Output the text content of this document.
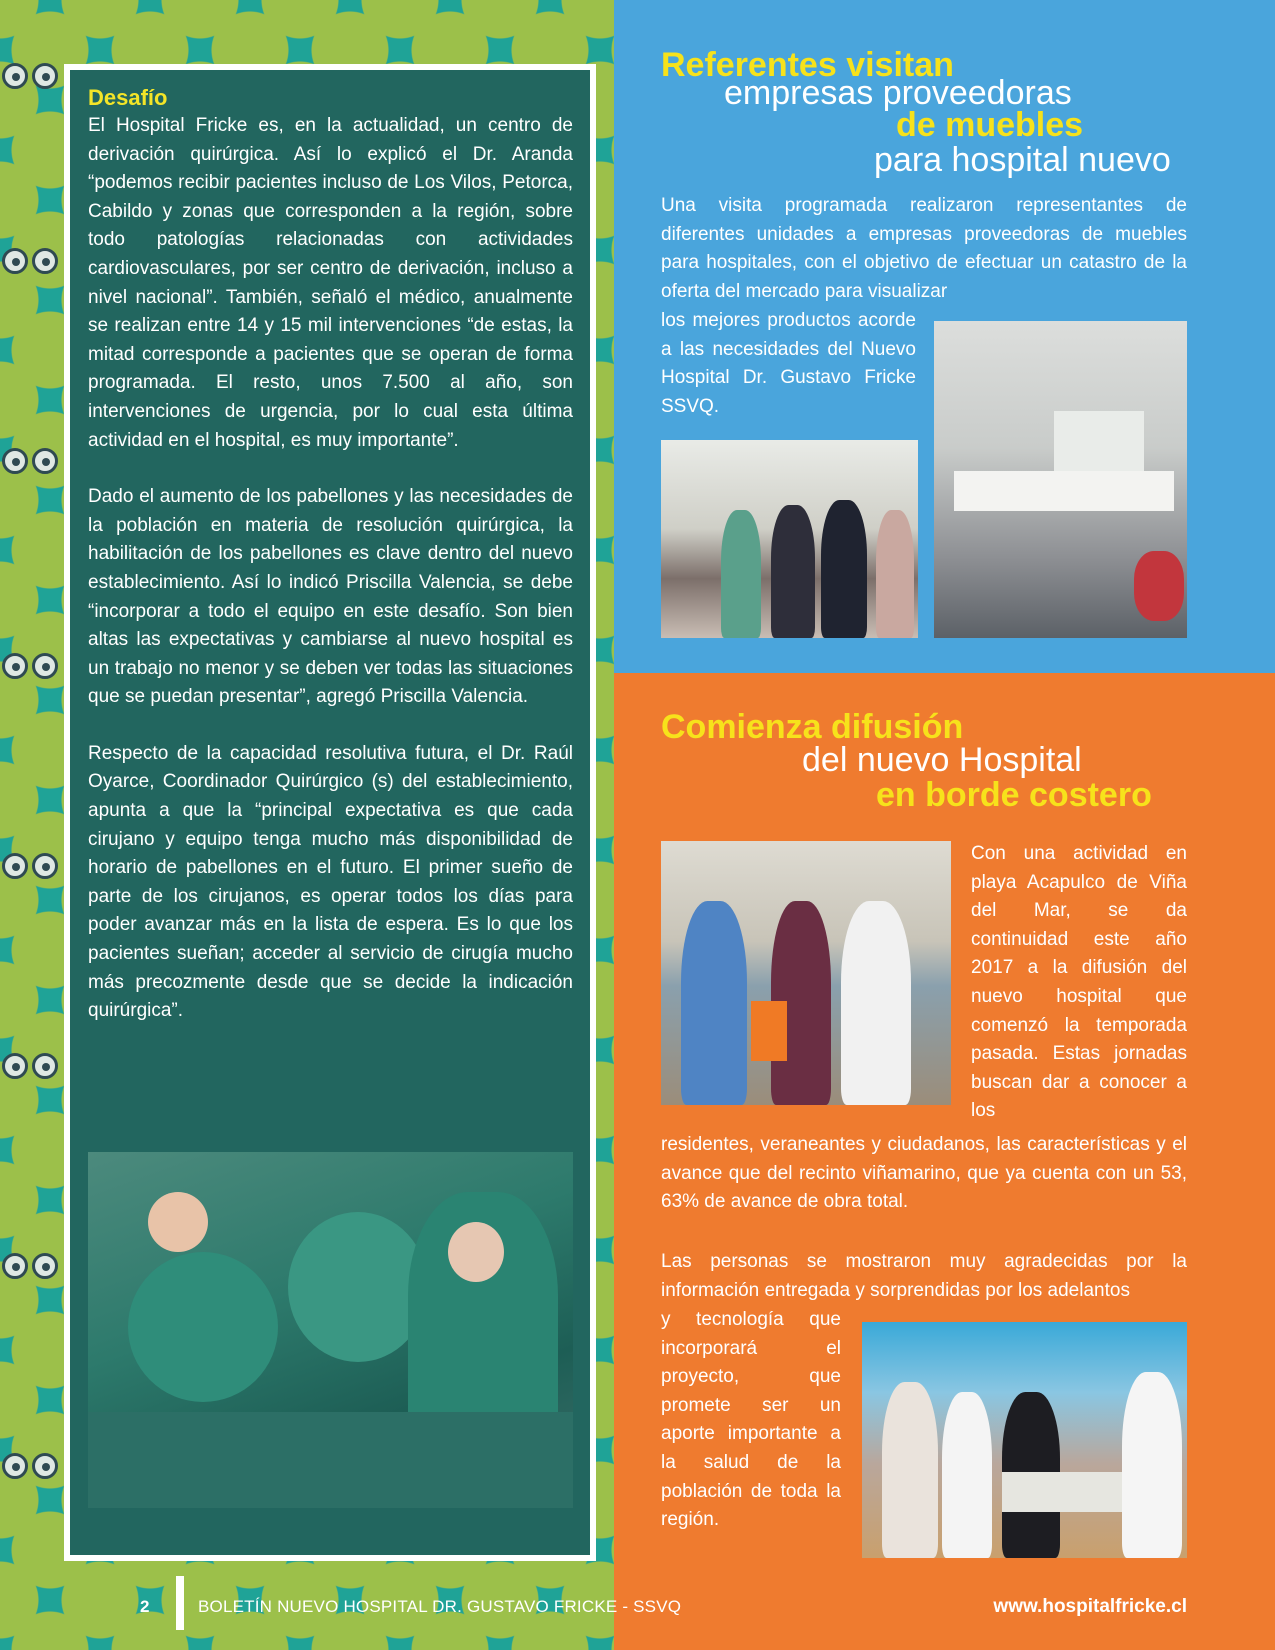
Desafío

El Hospital Fricke es, en la actualidad, un centro de derivación quirúrgica. Así lo explicó el Dr. Aranda “podemos recibir pacientes incluso de Los Vilos, Petorca, Cabildo y zonas que corresponden a la región, sobre todo patologías relacionadas con actividades cardiovasculares, por ser centro de derivación, incluso a nivel nacional”. También, señaló el médico, anualmente se realizan entre 14 y 15 mil intervenciones “de estas, la mitad corresponde a pacientes que se operan de forma programada. El resto, unos 7.500 al año, son intervenciones de urgencia, por lo cual esta última actividad en el hospital, es muy importante”.

Dado el aumento de los pabellones y las necesidades de la población en materia de resolución quirúrgica, la habilitación de los pabellones es clave dentro del nuevo establecimiento. Así lo indicó Priscilla Valencia, se debe “incorporar a todo el equipo en este desafío. Son bien altas las expectativas y cambiarse al nuevo hospital es un trabajo no menor y se deben ver todas las situaciones que se puedan presentar”, agregó Priscilla Valencia.

Respecto de la capacidad resolutiva futura, el Dr. Raúl Oyarce, Coordinador Quirúrgico (s) del establecimiento, apunta a que la “principal expectativa es que cada cirujano y equipo tenga mucho más disponibilidad de horario de pabellones en el futuro. El primer sueño de parte de los cirujanos, es operar todos los días para poder avanzar más en la lista de espera. Es lo que los pacientes sueñan; acceder al servicio de cirugía mucho más precozmente desde que se decide la indicación quirúrgica”.

Referentes visitan
empresas proveedoras
de muebles
para hospital nuevo

Una visita programada realizaron representantes de diferentes unidades a empresas proveedoras de muebles para hospitales, con el objetivo de efectuar un catastro de la oferta del mercado para visualizar

los mejores productos acorde a las necesidades del Nuevo Hospital Dr. Gustavo Fricke SSVQ.

Comienza difusión
del nuevo Hospital
en borde costero

Con una actividad en playa Acapulco de Viña del Mar, se da continuidad este año 2017 a la difusión del nuevo hospital que comenzó la temporada pasada. Estas jornadas buscan dar a conocer a los

residentes, veraneantes y ciudadanos, las características y el avance que del recinto viñamarino, que ya cuenta con un 53, 63% de avance de obra total.

Las personas se mostraron muy agradecidas por la información entregada y sorprendidas por los adelantos

y tecnología que incorporará el proyecto, que promete ser un aporte importante a la salud de la población de toda la región.

2	BOLETÍN NUEVO HOSPITAL DR. GUSTAVO FRICKE - SSVQ	www.hospitalfricke.cl
